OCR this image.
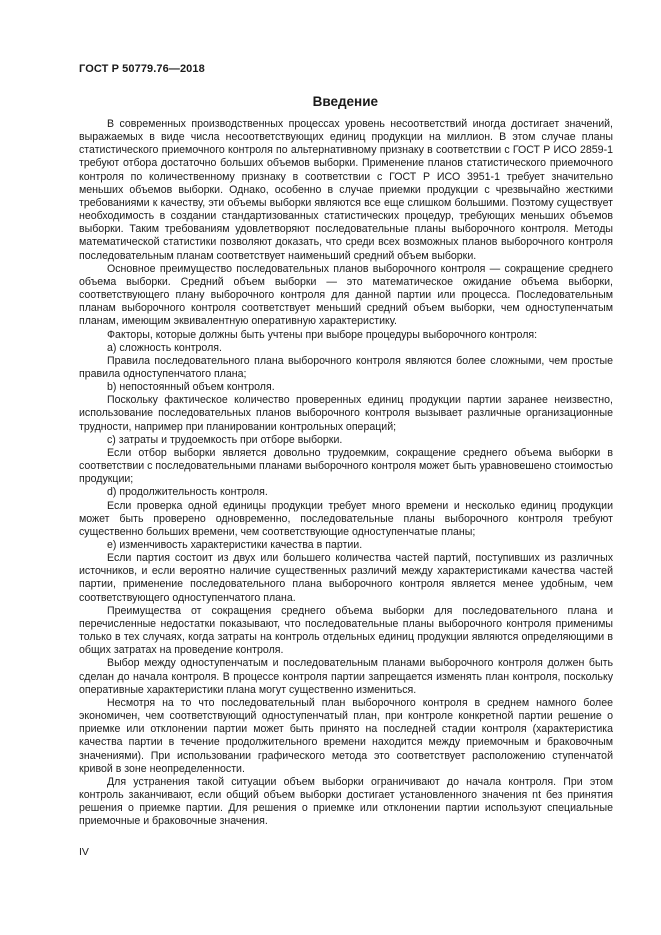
ГОСТ Р 50779.76—2018
Введение

В современных производственных процессах уровень несоответствий иногда достигает значений, выражаемых в виде числа несоответствующих единиц продукции на миллион. В этом случае планы статистического приемочного контроля по альтернативному признаку в соответствии с ГОСТ Р ИСО 2859-1 требуют отбора достаточно больших объемов выборки. Применение планов статистического приемочного контроля по количественному признаку в соответствии с ГОСТ Р ИСО 3951-1 требует значительно меньших объемов выборки. Однако, особенно в случае приемки продукции с чрезвычайно жесткими требованиями к качеству, эти объемы выборки являются все еще слишком большими. Поэтому существует необходимость в создании стандартизованных статистических процедур, требующих меньших объемов выборки. Таким требованиям удовлетворяют последовательные планы выборочного контроля. Методы математической статистики позволяют доказать, что среди всех возможных планов выборочного контроля последовательным планам соответствует наименьший средний объем выборки.

Основное преимущество последовательных планов выборочного контроля — сокращение среднего объема выборки. Средний объем выборки — это математическое ожидание объема выборки, соответствующего плану выборочного контроля для данной партии или процесса. Последовательным планам выборочного контроля соответствует меньший средний объем выборки, чем одноступенчатым планам, имеющим эквивалентную оперативную характеристику.

Факторы, которые должны быть учтены при выборе процедуры выборочного контроля:

a) сложность контроля.

Правила последовательного плана выборочного контроля являются более сложными, чем простые правила одноступенчатого плана;

b) непостоянный объем контроля.

Поскольку фактическое количество проверенных единиц продукции партии заранее неизвестно, использование последовательных планов выборочного контроля вызывает различные организационные трудности, например при планировании контрольных операций;

c) затраты и трудоемкость при отборе выборки.

Если отбор выборки является довольно трудоемким, сокращение среднего объема выборки в соответствии с последовательными планами выборочного контроля может быть уравновешено стоимостью продукции;

d) продолжительность контроля.

Если проверка одной единицы продукции требует много времени и несколько единиц продукции может быть проверено одновременно, последовательные планы выборочного контроля требуют существенно больших времени, чем соответствующие одноступенчатые планы;

e) изменчивость характеристики качества в партии.

Если партия состоит из двух или большего количества частей партий, поступивших из различных источников, и если вероятно наличие существенных различий между характеристиками качества частей партии, применение последовательного плана выборочного контроля является менее удобным, чем соответствующего одноступенчатого плана.

Преимущества от сокращения среднего объема выборки для последовательного плана и перечисленные недостатки показывают, что последовательные планы выборочного контроля применимы только в тех случаях, когда затраты на контроль отдельных единиц продукции являются определяющими в общих затратах на проведение контроля.

Выбор между одноступенчатым и последовательным планами выборочного контроля должен быть сделан до начала контроля. В процессе контроля партии запрещается изменять план контроля, поскольку оперативные характеристики плана могут существенно измениться.

Несмотря на то что последовательный план выборочного контроля в среднем намного более экономичен, чем соответствующий одноступенчатый план, при контроле конкретной партии решение о приемке или отклонении партии может быть принято на последней стадии контроля (характеристика качества партии в течение продолжительного времени находится между приемочным и браковочным значениями). При использовании графического метода это соответствует расположению ступенчатой кривой в зоне неопределенности.

Для устранения такой ситуации объем выборки ограничивают до начала контроля. При этом контроль заканчивают, если общий объем выборки достигает установленного значения nt без принятия решения о приемке партии. Для решения о приемке или отклонении партии используют специальные приемочные и браковочные значения.

IV
